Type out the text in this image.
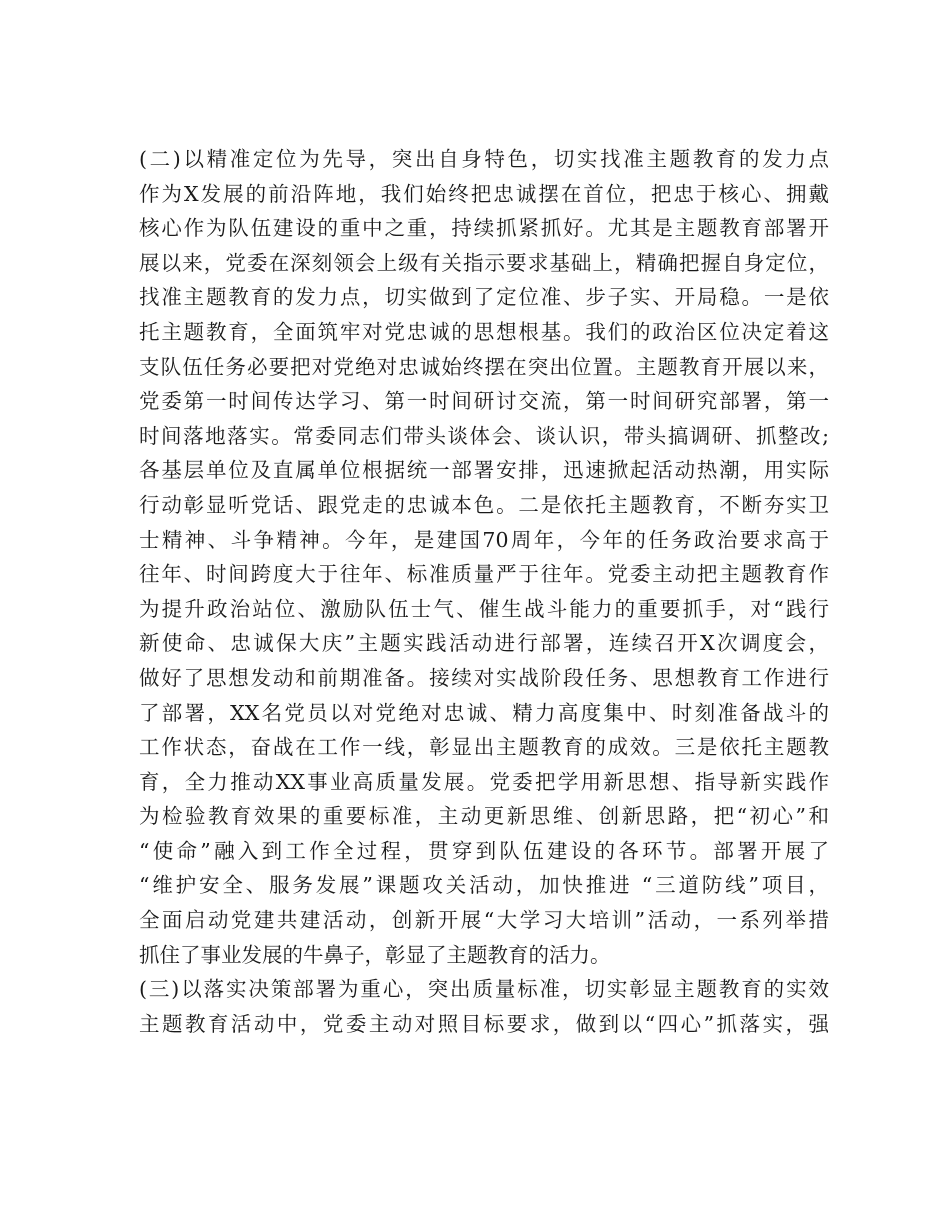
(二)以精准定位为先导，突出自身特色，切实找准主题教育的发力点
作为X发展的前沿阵地，我们始终把忠诚摆在首位，把忠于核心、拥戴
核心作为队伍建设的重中之重，持续抓紧抓好。尤其是主题教育部署开
展以来，党委在深刻领会上级有关指示要求基础上，精确把握自身定位，
找准主题教育的发力点，切实做到了定位准、步子实、开局稳。一是依
托主题教育，全面筑牢对党忠诚的思想根基。我们的政治区位决定着这
支队伍任务必要把对党绝对忠诚始终摆在突出位置。主题教育开展以来，
党委第一时间传达学习、第一时间研讨交流，第一时间研究部署，第一
时间落地落实。常委同志们带头谈体会、谈认识，带头搞调研、抓整改;
各基层单位及直属单位根据统一部署安排，迅速掀起活动热潮，用实际
行动彰显听党话、跟党走的忠诚本色。二是依托主题教育，不断夯实卫
士精神、斗争精神。今年，是建国70周年，今年的任务政治要求高于
往年、时间跨度大于往年、标准质量严于往年。党委主动把主题教育作
为提升政治站位、激励队伍士气、催生战斗能力的重要抓手，对“践行
新使命、忠诚保大庆”主题实践活动进行部署，连续召开X次调度会，
做好了思想发动和前期准备。接续对实战阶段任务、思想教育工作进行
了部署，XX名党员以对党绝对忠诚、精力高度集中、时刻准备战斗的
工作状态，奋战在工作一线，彰显出主题教育的成效。三是依托主题教
育，全力推动XX事业高质量发展。党委把学用新思想、指导新实践作
为检验教育效果的重要标准，主动更新思维、创新思路，把“初心”和
“使命”融入到工作全过程，贯穿到队伍建设的各环节。部署开展了
“维护安全、服务发展”课题攻关活动，加快推进 “三道防线”项目，
全面启动党建共建活动，创新开展“大学习大培训”活动，一系列举措
抓住了事业发展的牛鼻子，彰显了主题教育的活力。
(三)以落实决策部署为重心，突出质量标准，切实彰显主题教育的实效
主题教育活动中，党委主动对照目标要求，做到以“四心”抓落实，强
